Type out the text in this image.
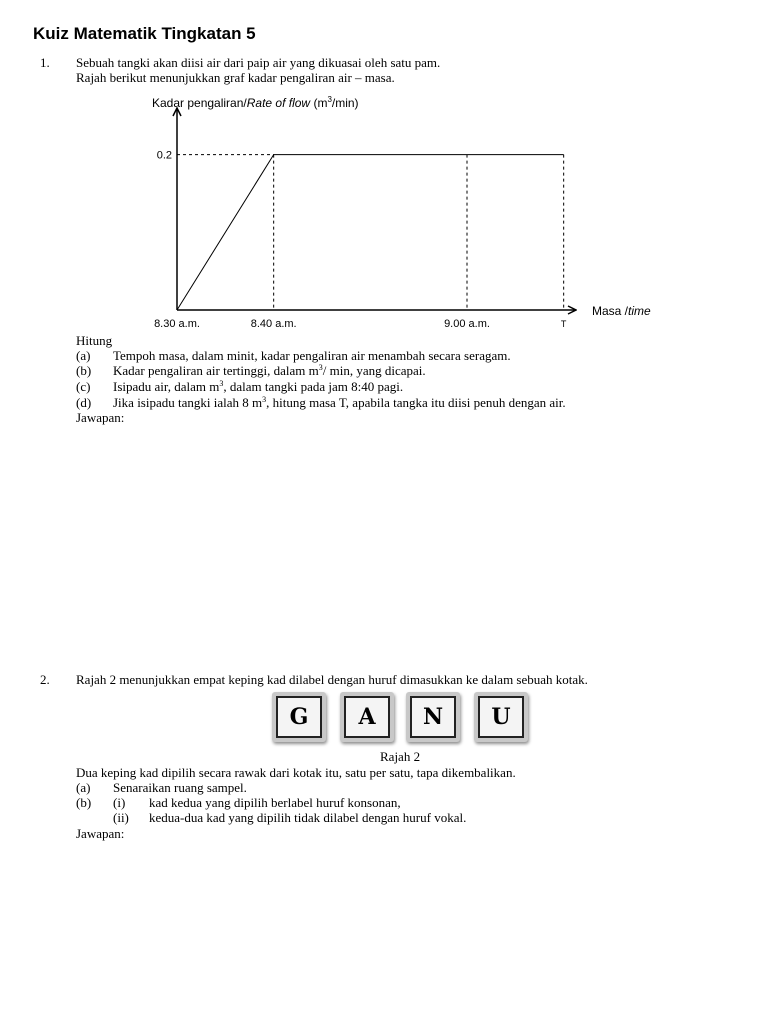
Kuiz Matematik Tingkatan 5
1. Sebuah tangki akan diisi air dari paip air yang dikuasai oleh satu pam.
Rajah berikut menunjukkan graf kadar pengaliran air – masa.
Kadar pengaliran/Rate of flow $(m^3/\min)$
Masa /time
0.2
8.30 a.m.	8.40 a.m.	9.00 a.m.	T
Hitung
(a) Tempoh masa, dalam minit, kadar pengaliran air menambah secara seragam.
(b) Kadar pengaliran air tertinggi, dalam $m^3/$ min, yang dicapai.
(c) Isipadu air, dalam $m^3$, dalam tangki pada jam 8:40 pagi.
(d) Jika isipadu tangki ialah 8 $m^3$, hitung masa T, apabila tangka itu diisi penuh dengan air.
Jawapan:
2. Rajah 2 menunjukkan empat keping kad dilabel dengan huruf dimasukkan ke dalam sebuah kotak.
G	A	N	U
Rajah 2
Dua keping kad dipilih secara rawak dari kotak itu, satu per satu, tapa dikembalikan.
(a) Senaraikan ruang sampel.
(b) (i) kad kedua yang dipilih berlabel huruf konsonan,
(ii) kedua-dua kad yang dipilih tidak dilabel dengan huruf vokal.
Jawapan:
